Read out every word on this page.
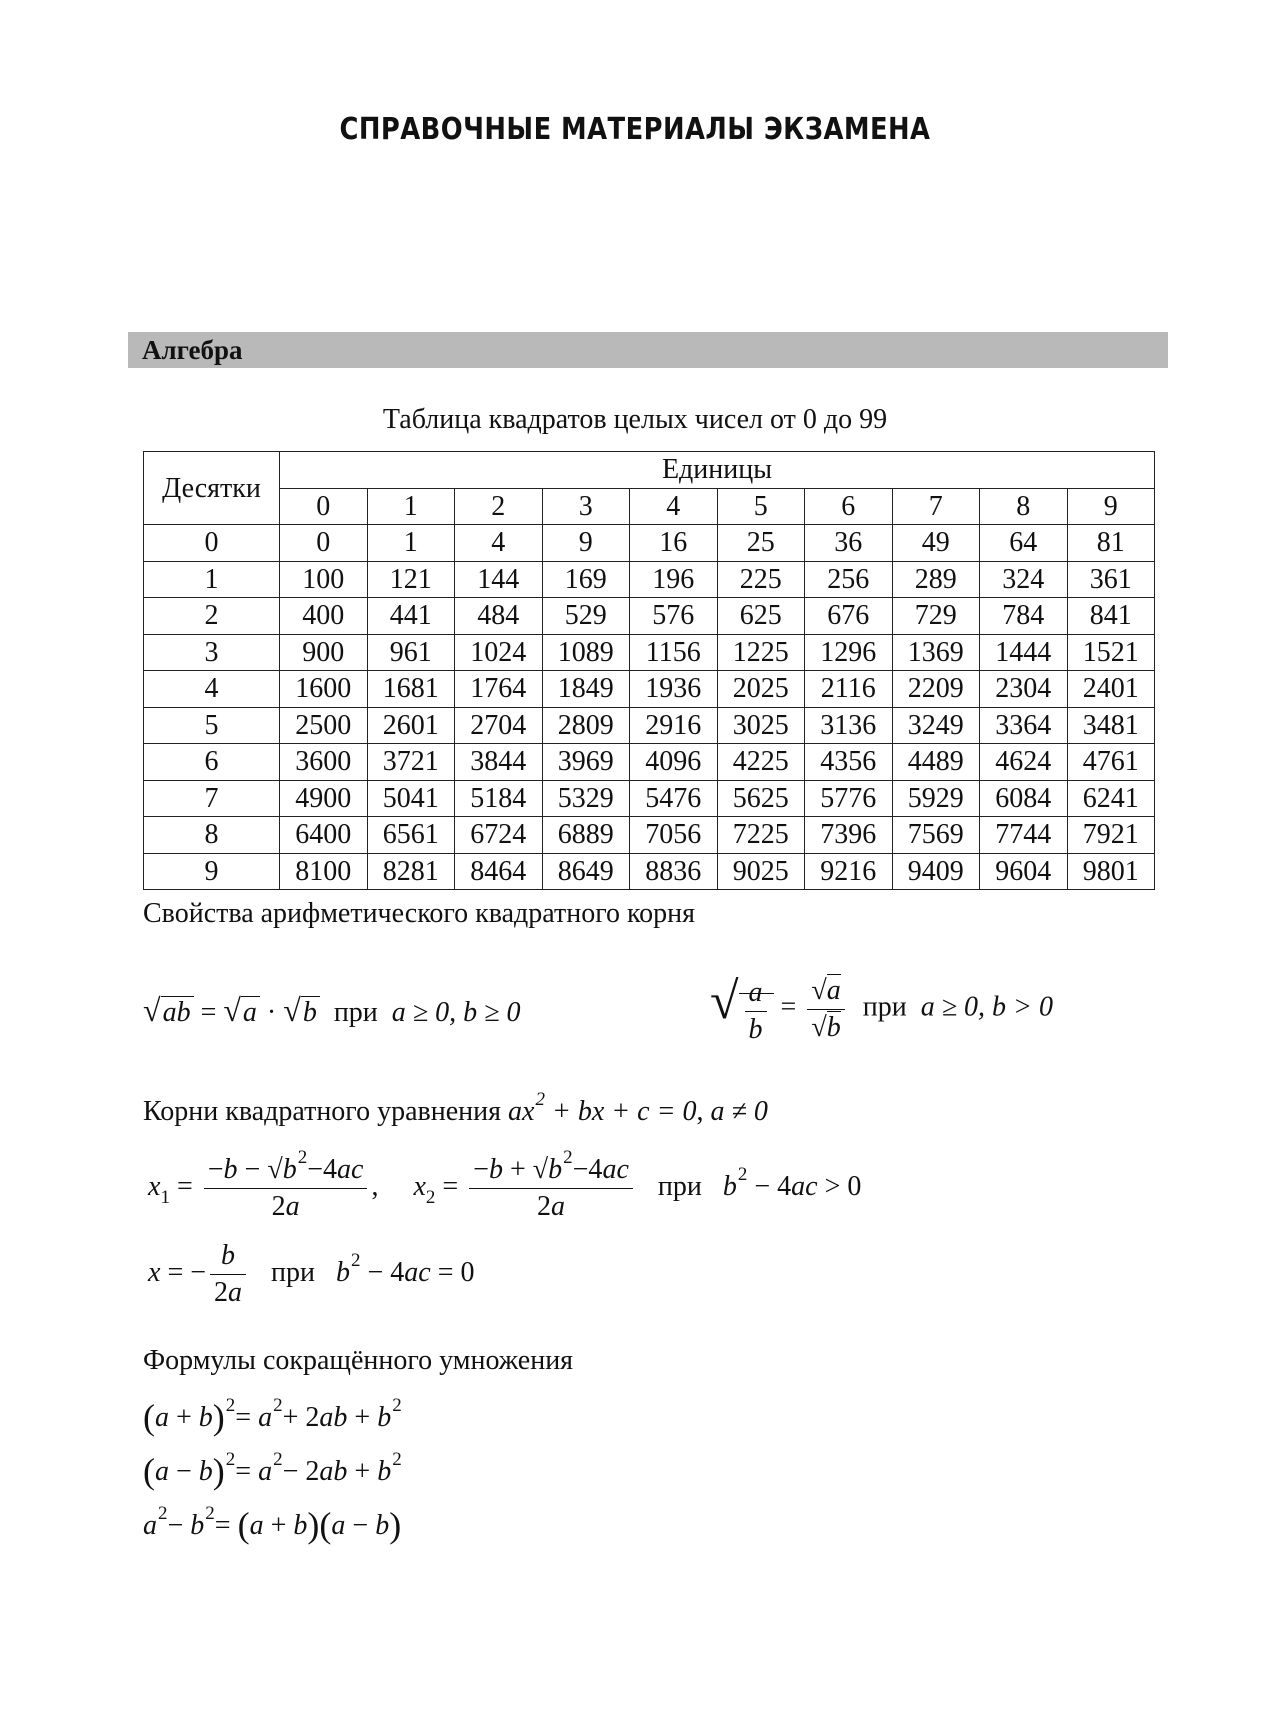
СПРАВОЧНЫЕ МАТЕРИАЛЫ ЭКЗАМЕНА
Алгебра
Таблица квадратов целых чисел от 0 до 99
Десятки	Единицы									
	0	1	2	3	4	5	6	7	8	9
0	0	1	4	9	16	25	36	49	64	81
1	100	121	144	169	196	225	256	289	324	361
2	400	441	484	529	576	625	676	729	784	841
3	900	961	1024	1089	1156	1225	1296	1369	1444	1521
4	1600	1681	1764	1849	1936	2025	2116	2209	2304	2401
5	2500	2601	2704	2809	2916	3025	3136	3249	3364	3481
6	3600	3721	3844	3969	4096	4225	4356	4489	4624	4761
7	4900	5041	5184	5329	5476	5625	5776	5929	6084	6241
8	6400	6561	6724	6889	7056	7225	7396	7569	7744	7921
9	8100	8281	8464	8649	8836	9025	9216	9409	9604	9801
Свойства арифметического квадратного корня
√ab = √a · √b при a ≥ 0, b ≥ 0	√ $\frac{a}{b} = \frac{√a}{√b}$ при a ≥ 0, b > 0
Корни квадратного уравнения $ax^2$ + bx + c = 0, a ≠ 0
$x_1 = \frac{-b - √b^2-4ac}{2a}$ ,     $x_2 = \frac{-b + √b^2-4ac}{2a}$ при $b^2 - 4ac > 0$
x = − $\frac{b}{2a}$ при $b^2 - 4ac = 0$
Формулы сокращённого умножения
$(a + b)^2= a^2+ 2ab + b^2$
$(a - b)^2= a^2- 2ab + b^2$
$a^2- b^2= (a + b)(a - b)$
